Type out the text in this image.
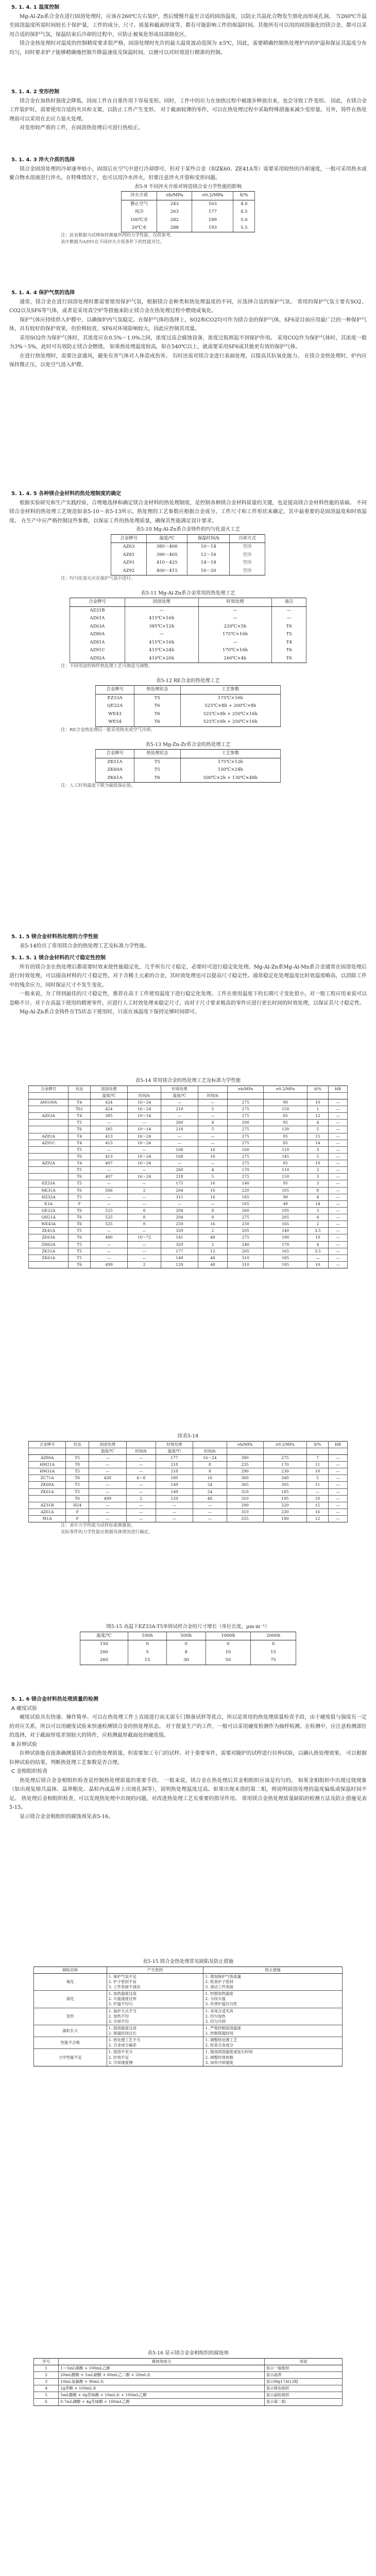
5. 1. 4. 1 温度控制

Mg-Al-Zn系合金在进行固溶处理时，应该在260℃左右装炉，然后缓慢升温至合适的固溶温度，以防止共晶化合物发生熔化而形成孔洞。 当260℃升温至固溶温度所需时间较长于保护量，工件的成分、尺寸、质量和截面厚度等，都有可能影响工件的保温时间。其他所有可以用的固溶强化的镁合金，都可以采用合适的保护气氛，保温结束后冷却的过程中，应防止被氧化形成局部熔化区。

镁合金热处理时对温度的控制精度要求很严格，固溶处理时允许的最大温度波动范围为 ±5℃，因此，需要精确控制热处理炉内的炉温和保证其温度分布均匀，同时要求炉子能够精确地控制升降温速度及保温时间，以便可以对时效进行精准的控制。

5. 1. 4. 2 变形控制

镁合金在加热时强度会降低，因而工件在自重作用下容易变形。同时，工件中的应力在加热过程中被逐步释放出来，也会导致工件变形。 因此，在镁合金工件装炉时，需要使用合适的夹具和支架，以防止工件产生变形。 对于截面较薄的零件，可以在热处理过程中采取特殊措施来减少变形量。另外，铸件在热处理前可以采用在去应力退火处理。

对变形较严重的工件，在固溶热处理后可进行热校正。

5. 1. 4. 3 淬火介质的选择

镁合金固溶处理的冷却速率较小，固溶后在空气中进行冷却即可，但对于某些合金（如ZK60、ZE41A等）需要采用较快的冷却速度，一般可采用热水或聚合物水溶液进行淬火。在特殊情况下，也可以用冷水淬火，但要注意淬火开裂和变形问题。

表5-9 不同淬火介质对铸造镁合金力学性能的影响

淬火介质	σb/MPa	σ0.2/MPa	δ/%
静止空气	243	163	4.0
风冷	263	177	4.5
100℃水	282	189	5.0
20℃水	288	193	5.5

注：此表数据为试棒取样测量所得的力学性能，仅供参考。

表中数据为AZ91在不同淬火介质条件下的性能对比。

5. 1. 4. 4 保护气氛的选择

通常，镁合金在进行固溶处理时都需要使用保护气氛，根据镁合金种类和热处理温度的不同，应选择合适的保护气氛。 常用的保护气氛主要有SO2、CO2以及SF6等气体，或者是采用真空炉等措施来防止镁合金在热处理过程中燃烧或氧化。

保护气体应持续供入炉膛中，以确保炉内气氛稳定。在保护气体的选择上，SO2和CO2均可作为镁合金的保护气体，SF6是目前应用最广泛的一种保护气体，具有较好的保护效果，但价格较贵，SF6对环境影响较大，因此应控制其用量。

采用SO2作为保护气体时，其浓度应在0.5%～1.0%之间，浓度过高会腐蚀设备，浓度过低则起不到保护作用。 采用CO2作为保护气体时，其浓度一般为3%～5%，此时可有效防止镁合金燃烧。 如果热处理温度较高，如在540℃以上，就需要采用SF6或其他更有效的保护气体。

在进行热处理时，需要注意通风，避免有害气体对人体造成伤害。 有时还需对镁合金进行表面处理，以提高其抗氧化能力。 在镁合金热处理时，炉内应保持微正压，以免空气进入炉膛。

5. 1. 4. 5 各种镁合金材料的热处理制度的确定

根据实验研究和生产实践经验，合理地选择和确定镁合金材料的热处理制度，是控制各种镁合金材料质量的关键，也是提高镁合金材料性能的基础。 不同镁合金材料的热处理工艺规范如表5-10～表5-13所示。热处理的工艺参数应根据合金成分、工件尺寸和工件形状来确定，其中最重要的是固溶温度和时效温度。 在生产中应严格控制这些参数，以保证工件的热处理质量，确保其性能满足设计要求。

表5-10 Mg-Al-Zn系合金铸件的均匀化退火工艺

合金牌号	温度/℃	保温时间/h	冷却方式
AZ63	385～400	10～14	空冷
AZ81	390～405	12～16	空冷
AZ91	410～425	14～18	空冷
AZ92	400～415	16～20	空冷

注：均匀化退火应在保护气氛中进行。

表5-11 Mg-Al-Zn系合金常用的热处理工艺

合金牌号	固溶处理	时效处理	备注
AZ31B	—	—	—
AZ61A	415℃×16h	—	—
AZ63A	385℃×12h	220℃×5h	T6
AZ80A	—	175℃×16h	T5
AZ81A	415℃×16h	—	T4
AZ91C	415℃×24h	170℃×16h	T6
AZ92A	410℃×20h	260℃×4h	T6

注：不同用途的铸件热处理工艺可做适当调整。

表5-12 RE合金的热处理工艺

合金牌号	热处理状态	工艺参数
EZ33A	T5	175℃×16h
QE22A	T6	525℃×8h + 200℃×8h
WE43	T6	525℃×8h + 250℃×16h
WE54	T6	525℃×8h + 250℃×16h

注：RE合金热处理后一般采用热水或空气冷却。

表5-13 Mg-Zn-Zr系合金的热处理工艺

合金牌号	热处理状态	工艺参数
ZK51A	T5	175℃×12h
ZK60A	T5	150℃×24h
ZK61A	T6	500℃×2h + 130℃×48h

注：人工时效温度下限为最低保证值。

5. 1. 5 镁合金材料热处理的力学性能

表5-14给出了常用镁合金的热处理工艺及标准力学性能。

5. 1. 5. 1 镁合金材料的尺寸稳定性控制

所有的镁合金在热处理后都需要时效来使性能稳定化，几乎所有尺寸稳定，必要时可进行稳定化处理。Mg-Al-Zn系Mg-Al-Mn系合金通常在固溶处理后进行时效处理，可以提高材料的尺寸稳定性。对于含稀土元素的合金，其时效处理也可以提高尺寸稳定性。通常稳定化处理温度比时效温度略高，以消除工件中的残余应力，同时保证尺寸不发生变化。

一般来说，为了得到最佳的尺寸稳定性，推荐在高于工件使用温度下进行稳定化处理。工件在使用温度下的长期尺寸变化很小，对一般工程应用来说可以忽略不计。对于在高温下使用的精密零件，应进行人工时效处理来稳定尺寸，而对于尺寸要求极高的零件应进行更长时间的时效处理，以保证其尺寸稳定性。

Mg-Al-Zn系合金铸件在T5状态下使用时，只需在该温度下保持足够时间即可。

表5-14 常用镁合金的热处理工艺及标准力学性能

合金牌号	状态	固溶处理		时效处理		σb/MPa	σ0.2/MPa	δ/%	HB
		温度/℃	时间/h	温度/℃	时间/h				
AM100A	T4	424	16～24	—	—	275	90	10	—
	T61	424	16～24	218	5	275	150	1	—
AZ63A	T4	385	10～14	—	—	275	85	12	—
	T5	—	—	260	4	200	95	4	—
	T6	385	10～14	218	5	275	130	5	—
AZ81A	T4	413	16～24	—	—	275	85	15	—
AZ91C	T4	413	16～24	—	—	275	85	14	—
	T5	—	—	168	16	160	110	3	—
	T6	413	16～24	168	16	275	145	5	—
AZ92A	T4	407	16～24	—	—	275	85	10	—
	T5	—	—	260	4	170	110	2	—
	T6	407	16～24	218	5	275	150	3	—
EZ33A	T5	—	—	175	16	140	95	3	—
HK31A	T6	566	2	204	16	220	105	8	—
HZ32A	T5	—	—	315	16	185	90	4	—
K1A	F	—	—	—	—	165	40	14	—
QE22A	T6	525	8	204	8	260	195	3	—
QH21A	T6	525	8	204	8	275	205	4	—
WE43A	T6	525	8	250	16	250	165	2	—
ZE41A	T5	—	—	329	2	205	140	3.5	—
ZE63A	T6	480	10～72	141	48	275	190	10	—
ZH62A	T5	—	—	329	2	240	170	4	—
ZK51A	T5	—	—	177	12	205	165	3.5	—
ZK61A	T5	—	—	149	48	310	185	—	—
	T6	499	2	129	48	310	195	10	—

续表5-14

合金牌号	状态	固溶处理		时效处理		σb/MPa	σ0.2/MPa	δ/%	HB
		温度/℃	时间/h	温度/℃	时间/h				
AZ80A	T5	—	—	177	16～24	380	275	7	—
HM21A	T8	—	—	218	8	235	170	11	—
HM31A	T5	—	—	218	8	290	230	10	—
ZC71A	T6	430	4～8	180	16	360	340	5	—
ZK60A	T5	—	—	149	24	365	305	11	—
ZK61A	T5	—	—	149	24	310	185	—	—
	T6	499	2	129	48	310	195	10	—
AZ31B	H24	—	—	—	—	290	220	15	—
AZ61A	F	—	—	—	—	310	230	16	—
M1A	F	—	—	—	—	255	180	12	—

注：表中力学性能为试样标准测量值。

实际零件的力学性能应根据具体情况进行确定。

图5-15 高温下EZ33A-T5单铸试样合金的尺寸增长（单位长度，μm·m⁻¹）

温度/℃	100h	500h	1000h	2000h
150	0	0	0	0
200	5	8	10	15
260	15	30	50	75
5. 1. 6 镁合金材料热处理质量的检测
A 硬度试验

硬度试验具有快速、操作简单、可以在热处理工件上直接进行而无需专门制备试样等优点，所以是常用的热处理质量检查手段，由于硬度值与强度有一定的对应关系，所以可以用硬度试验来快速检测镁合金的热处理状态。 对于批量生产的工件，一般可以采用硬度检测作为抽样检测。在检测中，应注意检测部位的选择，对于截面厚度差别较大的铸件，应检测最厚截面处的硬度值。

B 拉伸试验

拉伸试验能直接准确测量镁合金的热处理质量，但需要加工专门的试样。对于重要零件，需要对随炉的试样进行拉伸试验，以确认热处理效果。 可以根据拉伸试验的结果，判断热处理工艺参数是否合理。

C 金相组织检查

热处理后镁合金金相组织检查是控制热处理质量的重要手段。 一般来说，镁合金在热处理后其金相组织应该是均匀的。 如果金相组织中出现过烧现象（如出现复熔共晶体、晶界粗化、晶粒内或晶界上出现孔洞等），说明热处理温度过高。如果出现未溶的第二相，则说明固溶处理的温度偏低或保温时间不足。 热处理后金相组织检查，可以发现热处理中出现的问题，对改进热处理工艺有重要的指导作用。 常用镁合金热处理质量缺陷的检测方法及防止措施见表5-15。

显示镁合金金相组织的腐蚀剂见表5-16。

表5-15 镁合金热处理常见缺陷及防止措施

缺陷名称	产生原因	防止措施
氧化	1. 保护气氛不足
2. 炉子密封不良
3. 工件表面不清洁	1. 增加保护气体流量
2. 检查炉子密封
3. 清洁工件表面
熔化	1. 加热温度过高
2. 升温速度过快
3. 炉温不均匀	1. 控制加热温度
2. 分段升温
3. 改善炉温均匀性
变形	1. 装炉方式不当
2. 加热不均
3. 冷却不均	1. 采用合适夹具
2. 均匀加热
3. 均匀冷却
晶粒长大	1. 固溶温度过高
2. 保温时间过长	1. 严格控制固溶温度
2. 控制保温时间
性能不合格	1. 热处理工艺不当
2. 合金成分偏差	1. 调整热处理工艺
2. 检查合金成分
力学性能不足	1. 固溶不充分
2. 时效不足
3. 冷却速度慢	1. 提高固溶温度或延长时间
2. 调整时效参数
3. 加快冷却速度

表5-16 显示镁合金金相组织的腐蚀剂

序号	腐蚀剂成分	用途
1	1～5mL硝酸 + 100mL乙醇	显示一般组织
2	20mL醋酸 + 1mL硝酸 + 60mL乙二醇 + 20mL水	显示晶界
3	10mL氢氟酸 + 90mL水	显示Mg17Al12相
4	2g草酸 + 100mL水	显示铸态组织
5	5mL醋酸 + 6g苦味酸 + 10mL水 + 100mL乙醇	显示晶粒组织
6	0.7mL磷酸 + 4g苦味酸 + 100mL乙醇	显示第二相
